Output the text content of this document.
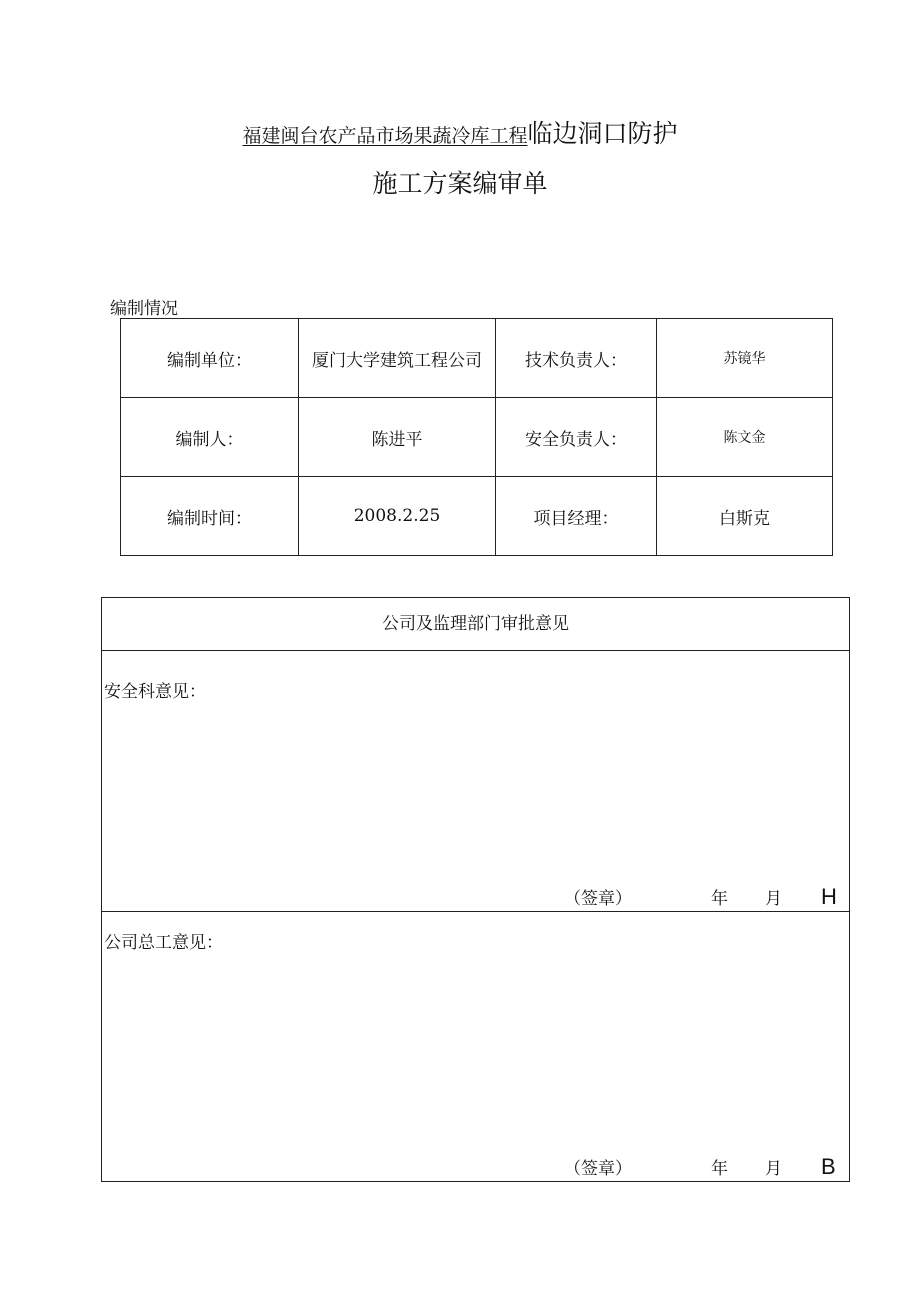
福建闽台农产品市场果蔬冷库工程临边洞口防护
施工方案编审单
编制情况
编制单位：	厦门大学建筑工程公司	技术负责人：	苏镜华
编制人：	陈进平	安全负责人：	陈文金
编制时间：	2008.2.25	项目经理：	白斯克
公司及监理部门审批意见
安全科意见：
（签章）	年 月 H
公司总工意见：
（签章）	年 月 B
